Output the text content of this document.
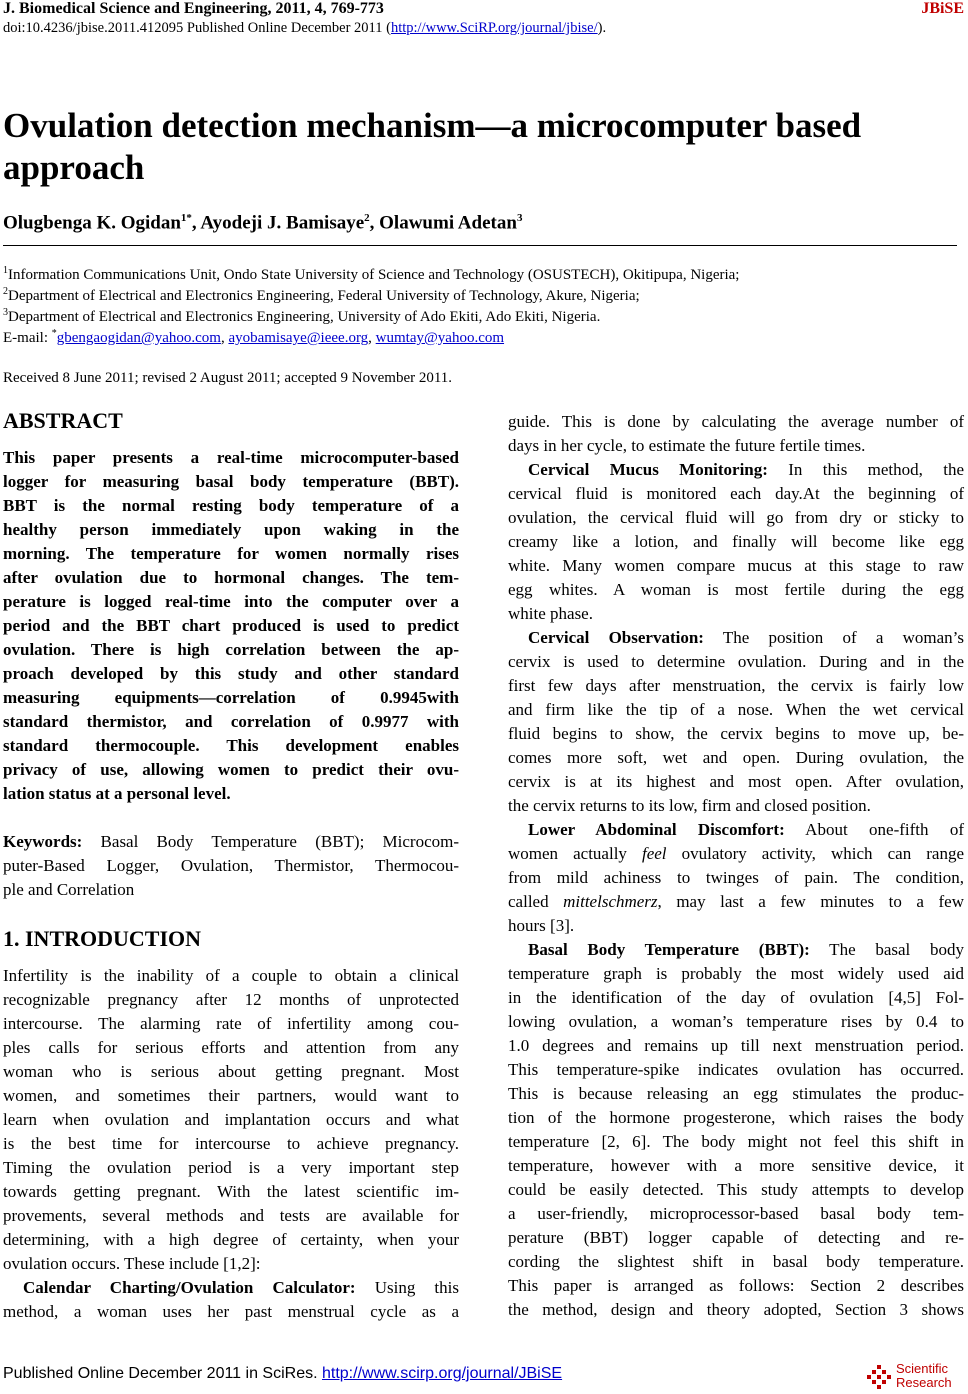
J. Biomedical Science and Engineering, 2011, 4, 769-773	JBiSE
doi:10.4236/jbise.2011.412095 Published Online December 2011 (http://www.SciRP.org/journal/jbise/).
Ovulation detection mechanism—a microcomputer based approach
Olugbenga K. Ogidan$^{1*}$, Ayodeji J. Bamisaye$^2$, Olawumi Adetan$^3$
$^1$Information Communications Unit, Ondo State University of Science and Technology (OSUSTECH), Okitipupa, Nigeria;
$^2$Department of Electrical and Electronics Engineering, Federal University of Technology, Akure, Nigeria;
$^3$Department of Electrical and Electronics Engineering, University of Ado Ekiti, Ado Ekiti, Nigeria.
E-mail: *gbengaogidan@yahoo.com, ayobamisaye@ieee.org, wumtay@yahoo.com
Received 8 June 2011; revised 2 August 2011; accepted 9 November 2011.
ABSTRACT

This paper presents a real-time microcomputer-based

logger for measuring basal body temperature (BBT).

BBT is the normal resting body temperature of a

healthy person immediately upon waking in the

morning. The temperature for women normally rises

after ovulation due to hormonal changes. The tem-

perature is logged real-time into the computer over a

period and the BBT chart produced is used to predict

ovulation. There is high correlation between the ap-

proach developed by this study and other standard

measuring equipments—correlation of 0.9945with

standard thermistor, and correlation of 0.9977 with

standard thermocouple. This development enables

privacy of use, allowing women to predict their ovu-

lation status at a personal level.

Keywords: Basal Body Temperature (BBT); Microcom-

puter-Based Logger, Ovulation, Thermistor, Thermocou-

ple and Correlation

1. INTRODUCTION

Infertility is the inability of a couple to obtain a clinical

recognizable pregnancy after 12 months of unprotected

intercourse. The alarming rate of infertility among cou-

ples calls for serious efforts and attention from any

woman who is serious about getting pregnant. Most

women, and sometimes their partners, would want to

learn when ovulation and implantation occurs and what

is the best time for intercourse to achieve pregnancy.

Timing the ovulation period is a very important step

towards getting pregnant. With the latest scientific im-

provements, several methods and tests are available for

determining, with a high degree of certainty, when your

ovulation occurs. These include [1,2]:

Calendar Charting/Ovulation Calculator: Using this

method, a woman uses her past menstrual cycle as a

guide. This is done by calculating the average number of

days in her cycle, to estimate the future fertile times.

Cervical Mucus Monitoring: In this method, the

cervical fluid is monitored each day.At the beginning of

ovulation, the cervical fluid will go from dry or sticky to

creamy like a lotion, and finally will become like egg

white. Many women compare mucus at this stage to raw

egg whites. A woman is most fertile during the egg

white phase.

Cervical Observation: The position of a woman’s

cervix is used to determine ovulation. During and in the

first few days after menstruation, the cervix is fairly low

and firm like the tip of a nose. When the wet cervical

fluid begins to show, the cervix begins to move up, be-

comes more soft, wet and open. During ovulation, the

cervix is at its highest and most open. After ovulation,

the cervix returns to its low, firm and closed position.

Lower Abdominal Discomfort: About one-fifth of

women actually feel ovulatory activity, which can range

from mild achiness to twinges of pain. The condition,

called mittelschmerz, may last a few minutes to a few

hours [3].

Basal Body Temperature (BBT): The basal body

temperature graph is probably the most widely used aid

in the identification of the day of ovulation [4,5] Fol-

lowing ovulation, a woman’s temperature rises by 0.4 to

1.0 degrees and remains up till next menstruation period.

This temperature-spike indicates ovulation has occurred.

This is because releasing an egg stimulates the produc-

tion of the hormone progesterone, which raises the body

temperature [2, 6]. The body might not feel this shift in

temperature, however with a more sensitive device, it

could be easily detected. This study attempts to develop

a user-friendly, microprocessor-based basal body tem-

perature (BBT) logger capable of detecting and re-

cording the slightest shift in basal body temperature.

This paper is arranged as follows: Section 2 describes

the method, design and theory adopted, Section 3 shows

Published Online December 2011 in SciRes. http://www.scirp.org/journal/JBiSE	Scientific
Research
